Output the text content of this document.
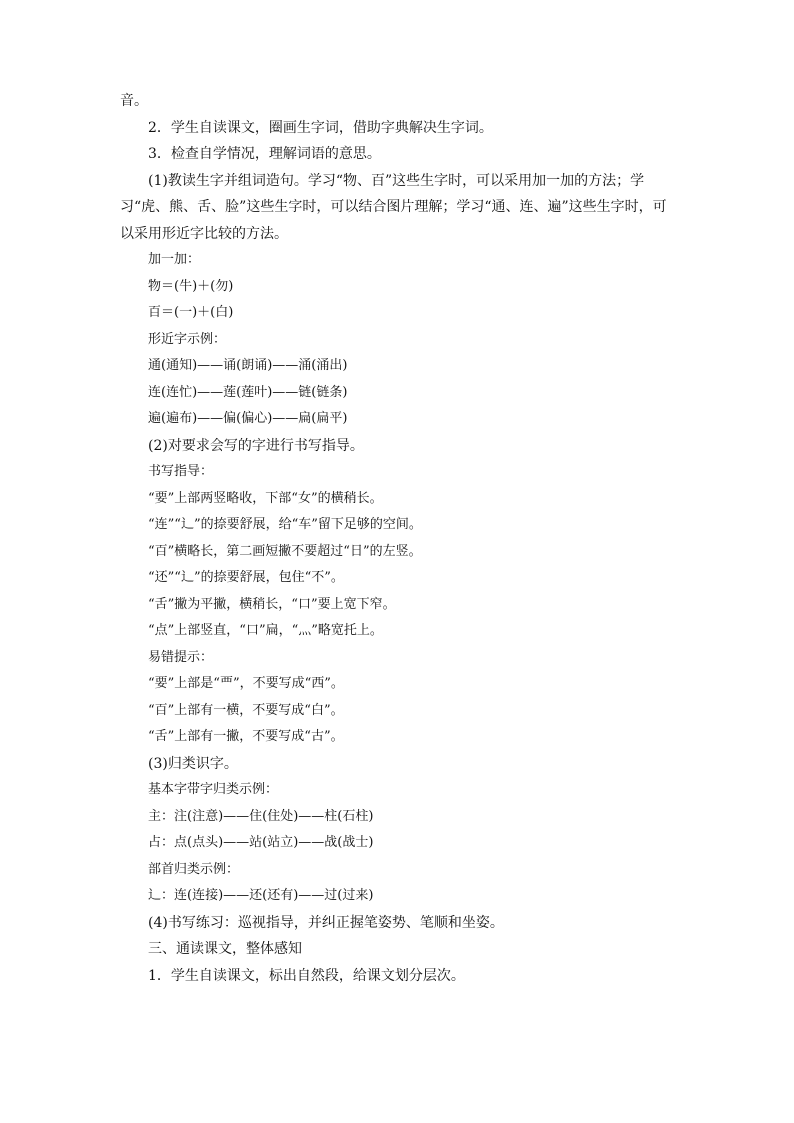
音。
2．学生自读课文，圈画生字词，借助字典解决生字词。
3．检查自学情况，理解词语的意思。
(1)教读生字并组词造句。学习“物、百”这些生字时，可以采用加一加的方法；学习“虎、熊、舌、脸”这些生字时，可以结合图片理解；学习“通、连、遍”这些生字时，可以采用形近字比较的方法。
加一加：
物＝(牛)＋(勿)
百＝(一)＋(白)
形近字示例：
通(通知)——诵(朗诵)——涌(涌出)
连(连忙)——莲(莲叶)——链(链条)
遍(遍布)——偏(偏心)——扁(扁平)
(2)对要求会写的字进行书写指导。
书写指导：
“要”上部两竖略收，下部“女”的横稍长。
“连”“辶”的捺要舒展，给“车”留下足够的空间。
“百”横略长，第二画短撇不要超过“日”的左竖。
“还”“辶”的捺要舒展，包住“不”。
“舌”撇为平撇，横稍长，“口”要上宽下窄。
“点”上部竖直，“口”扁，“灬”略宽托上。
易错提示：
“要”上部是“覀”，不要写成“西”。
“百”上部有一横，不要写成“白”。
“舌”上部有一撇，不要写成“古”。
(3)归类识字。
基本字带字归类示例：
主：注(注意)——住(住处)——柱(石柱)
占：点(点头)——站(站立)——战(战士)
部首归类示例：
辶：连(连接)——还(还有)——过(过来)
(4)书写练习：巡视指导，并纠正握笔姿势、笔顺和坐姿。
三、通读课文，整体感知
1．学生自读课文，标出自然段，给课文划分层次。
